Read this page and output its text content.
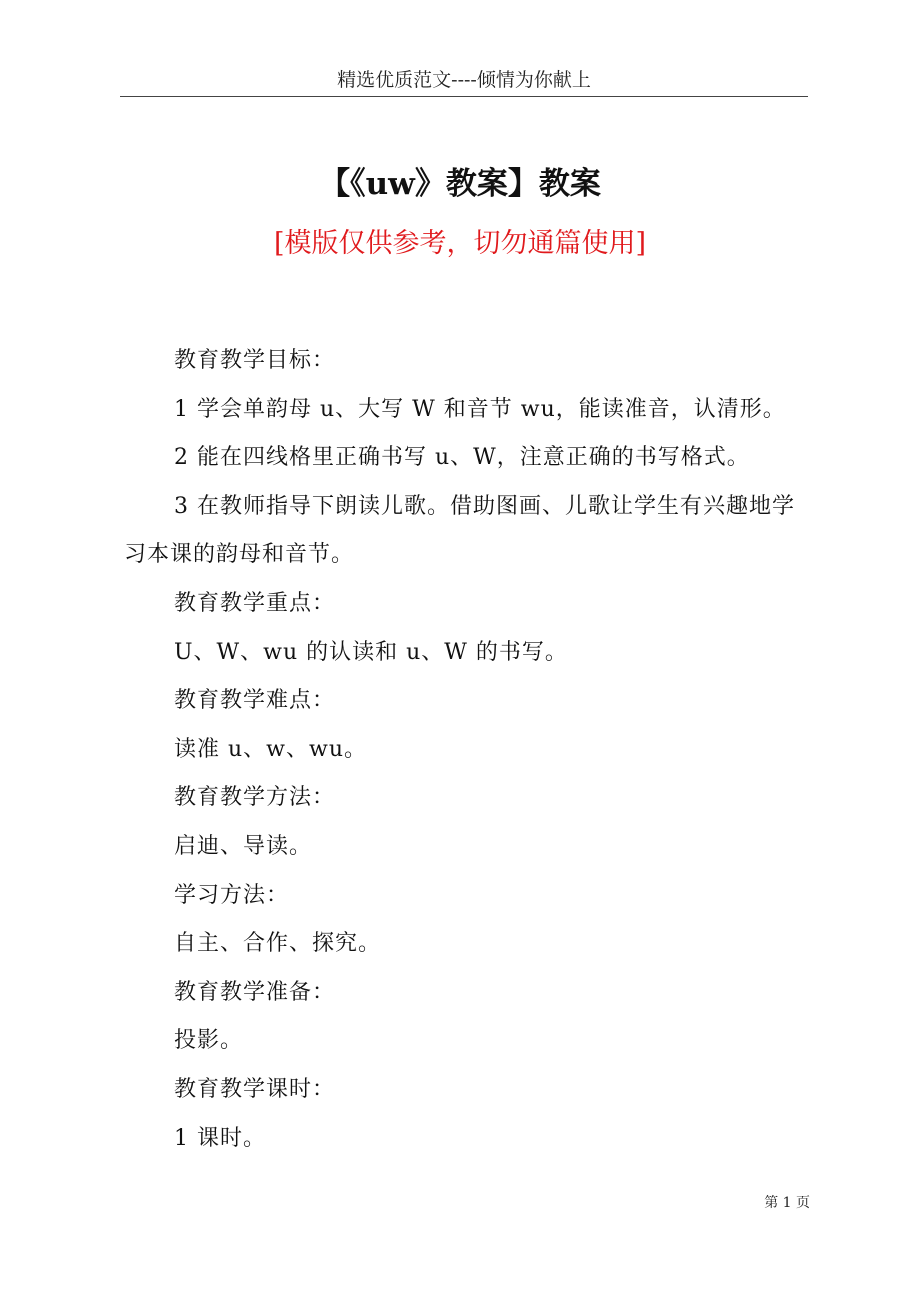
精选优质范文----倾情为你献上
【《uw》教案】教案
[模版仅供参考，切勿通篇使用]

教育教学目标：

1 学会单韵母 u、大写 W 和音节 wu，能读准音，认清形。

2 能在四线格里正确书写 u、W，注意正确的书写格式。

3 在教师指导下朗读儿歌。借助图画、儿歌让学生有兴趣地学习本课的韵母和音节。

教育教学重点：

U、W、wu 的认读和 u、W 的书写。

教育教学难点：

读准 u、w、wu。

教育教学方法：

启迪、导读。

学习方法：

自主、合作、探究。

教育教学准备：

投影。

教育教学课时：

1 课时。

第 1 页
